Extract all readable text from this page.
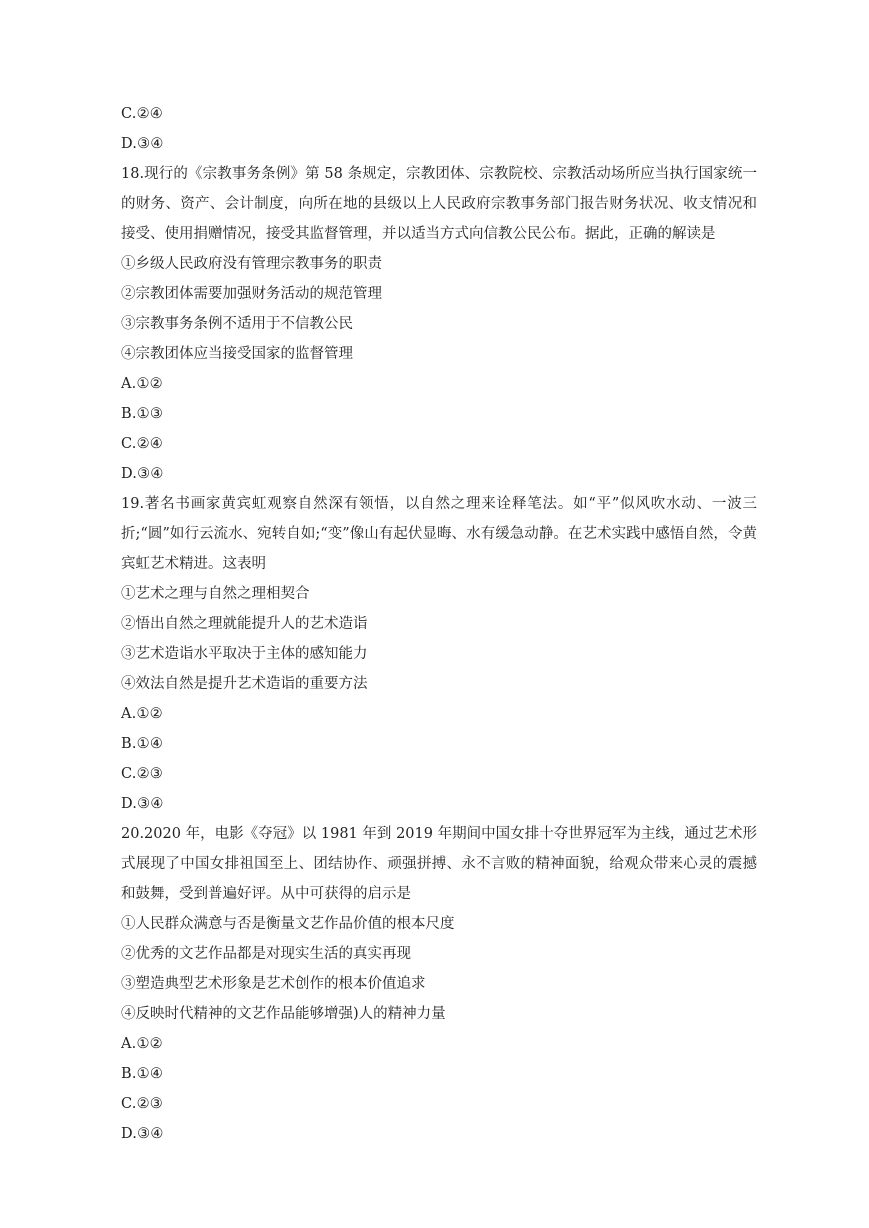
C.②④
D.③④

18.现行的《宗教事务条例》第 58 条规定，宗教团体、宗教院校、宗教活动场所应当执行国家统一的财务、资产、会计制度，向所在地的县级以上人民政府宗教事务部门报告财务状况、收支情况和接受、使用捐赠情况，接受其监督管理，并以适当方式向信教公民公布。据此，正确的解读是

①乡级人民政府没有管理宗教事务的职责
②宗教团体需要加强财务活动的规范管理
③宗教事务条例不适用于不信教公民
④宗教团体应当接受国家的监督管理
A.①②
B.①③
C.②④
D.③④

19.著名书画家黄宾虹观察自然深有领悟，以自然之理来诠释笔法。如“平”似风吹水动、一波三折;“圆”如行云流水、宛转自如;“变”像山有起伏显晦、水有缓急动静。在艺术实践中感悟自然，令黄宾虹艺术精进。这表明

①艺术之理与自然之理相契合
②悟出自然之理就能提升人的艺术造诣
③艺术造诣水平取决于主体的感知能力
④效法自然是提升艺术造诣的重要方法
A.①②
B.①④
C.②③
D.③④

20.2020 年，电影《夺冠》以 1981 年到 2019 年期间中国女排十夺世界冠军为主线，通过艺术形式展现了中国女排祖国至上、团结协作、顽强拼搏、永不言败的精神面貌，给观众带来心灵的震撼和鼓舞，受到普遍好评。从中可获得的启示是

①人民群众满意与否是衡量文艺作品价值的根本尺度
②优秀的文艺作品都是对现实生活的真实再现
③塑造典型艺术形象是艺术创作的根本价值追求
④反映时代精神的文艺作品能够增强)人的精神力量
A.①②
B.①④
C.②③
D.③④
